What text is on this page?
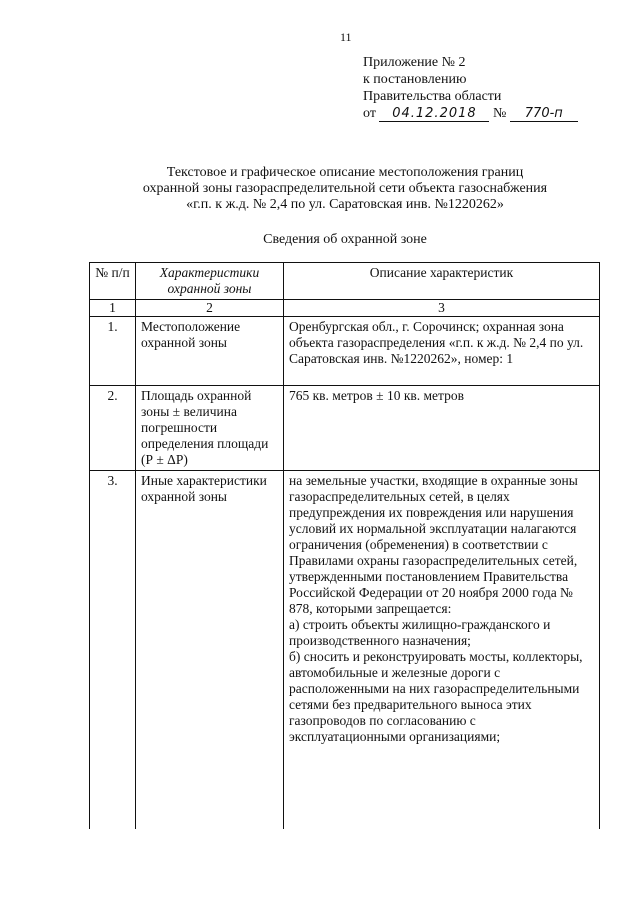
11
Приложение № 2
к постановлению
Правительства области
от 04.12.2018 № 770-п
Текстовое и графическое описание местоположения границ
охранной зоны газораспределительной сети объекта газоснабжения
«г.п. к ж.д. № 2,4 по ул. Саратовская инв. №1220262»
Сведения об охранной зоне
№ п/п	Характеристики охранной зоны	Описание характеристик
1	2	3
1.	Местоположение охранной зоны	Оренбургская обл., г. Сорочинск; охранная зона объекта газораспределения «г.п. к ж.д. № 2,4 по ул. Саратовская инв. №1220262», номер: 1
2.	Площадь охранной зоны ± величина погрешности определения площади (Р ± ΔР)	765 кв. метров ± 10 кв. метров
3.	Иные характеристики охранной зоны	на земельные участки, входящие в охранные зоны газораспределительных сетей, в целях предупреждения их повреждения или нарушения условий их нормальной эксплуатации налагаются ограничения (обременения) в соответствии с Правилами охраны газораспределительных сетей, утвержденными постановлением Правительства Российской Федерации от 20 ноября 2000 года № 878, которыми запрещается:
а) строить объекты жилищно-гражданского и производственного назначения;
б) сносить и реконструировать мосты, коллекторы, автомобильные и железные дороги с расположенными на них газораспределительными сетями без предварительного выноса этих газопроводов по согласованию с эксплуатационными организациями;
